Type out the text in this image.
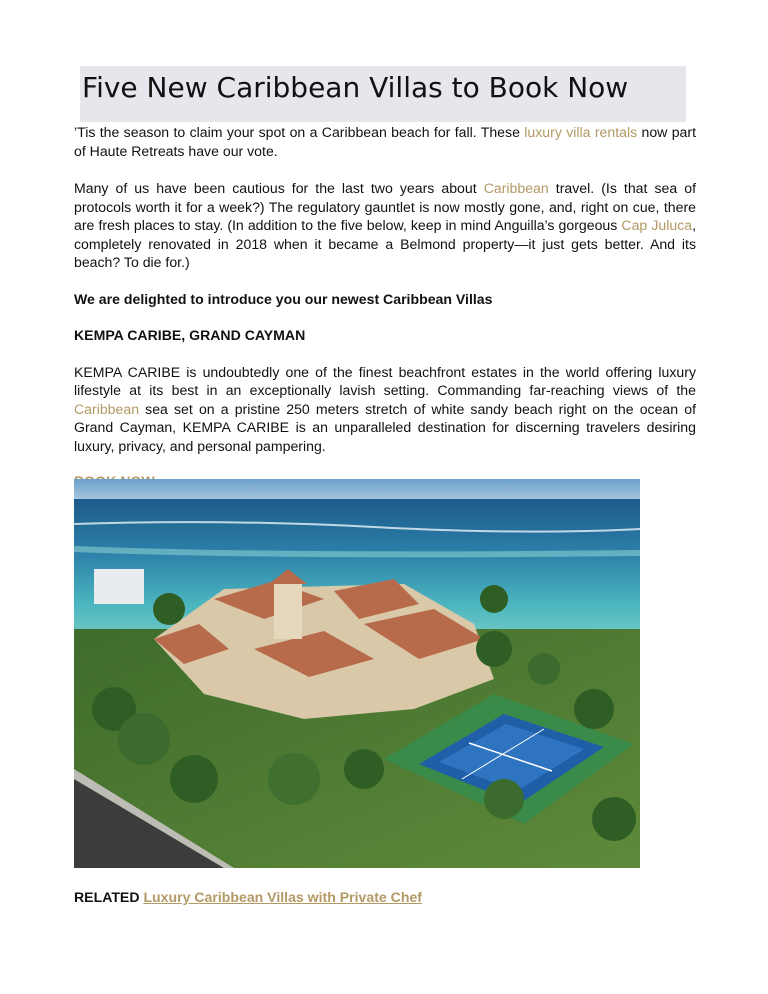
Five New Caribbean Villas to Book Now

’Tis the season to claim your spot on a Caribbean beach for fall. These luxury villa rentals now part of Haute Retreats have our vote.

Many of us have been cautious for the last two years about Caribbean travel. (Is that sea of protocols worth it for a week?) The regulatory gauntlet is now mostly gone, and, right on cue, there are fresh places to stay. (In addition to the five below, keep in mind Anguilla’s gorgeous Cap Juluca, completely renovated in 2018 when it became a Belmond property—it just gets better. And its beach? To die for.)

We are delighted to introduce you our newest Caribbean Villas

KEMPA CARIBE, GRAND CAYMAN

KEMPA CARIBE is undoubtedly one of the finest beachfront estates in the world offering luxury lifestyle at its best in an exceptionally lavish setting. Commanding far-reaching views of the Caribbean sea set on a pristine 250 meters stretch of white sandy beach right on the ocean of Grand Cayman, KEMPA CARIBE is an unparalleled destination for discerning travelers desiring luxury, privacy, and personal pampering.

RELATED Luxury Caribbean Villas with Private Chef
